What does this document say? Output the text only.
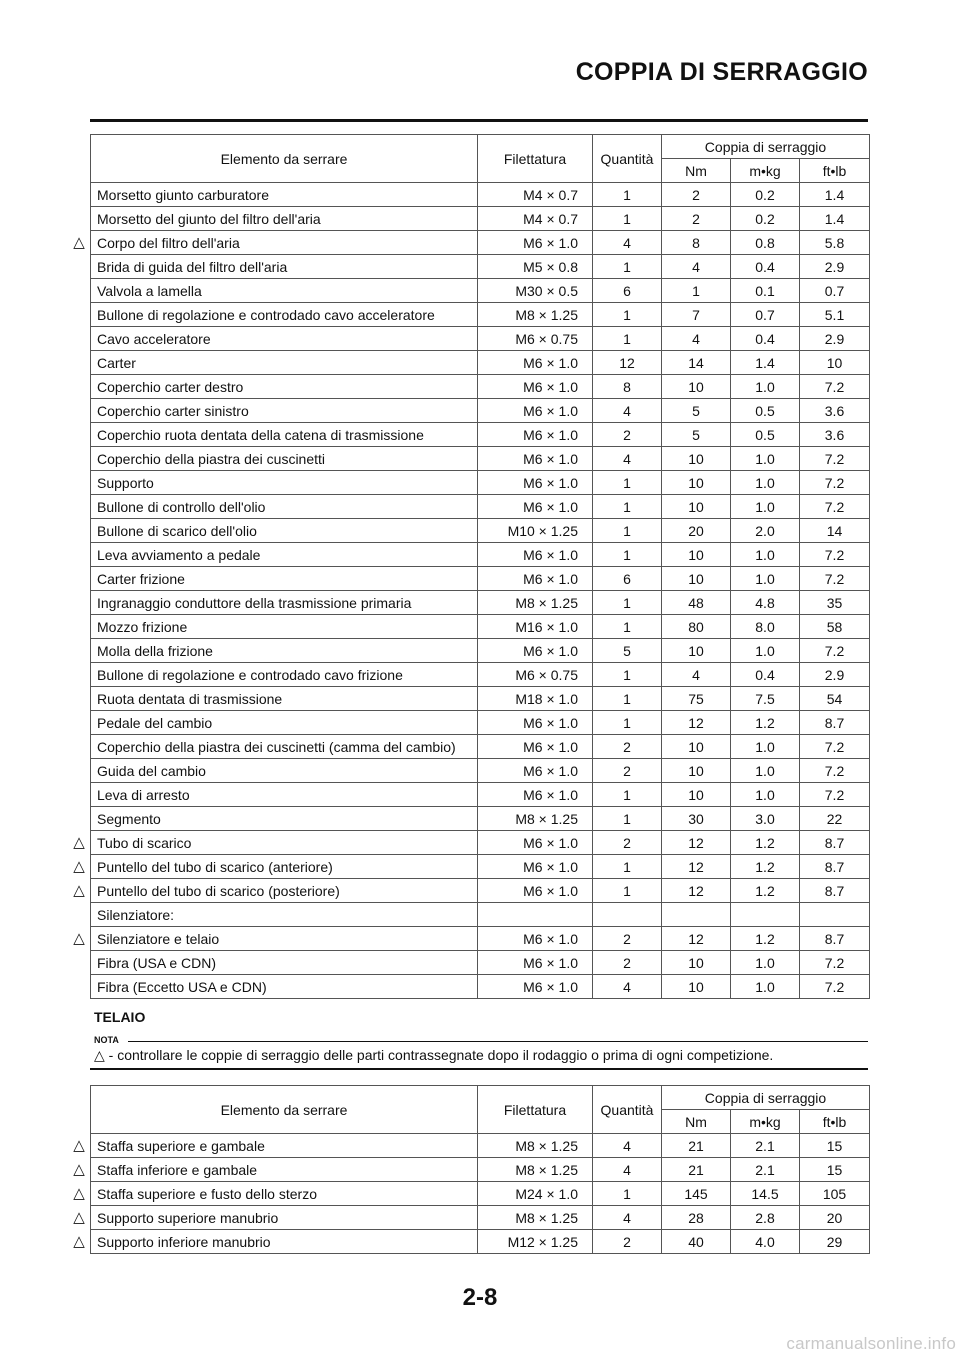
COPPIA DI SERRAGGIO
Elemento da serrare	Filettatura	Quantità	Coppia di serraggio		
			Nm	m•kg	ft•lb
Morsetto giunto carburatore	M4 × 0.7	1	2	0.2	1.4
Morsetto del giunto del filtro dell'aria	M4 × 0.7	1	2	0.2	1.4
Corpo del filtro dell'aria	M6 × 1.0	4	8	0.8	5.8
Brida di guida del filtro dell'aria	M5 × 0.8	1	4	0.4	2.9
Valvola a lamella	M30 × 0.5	6	1	0.1	0.7
Bullone di regolazione e controdado cavo acceleratore	M8 × 1.25	1	7	0.7	5.1
Cavo acceleratore	M6 × 0.75	1	4	0.4	2.9
Carter	M6 × 1.0	12	14	1.4	10
Coperchio carter destro	M6 × 1.0	8	10	1.0	7.2
Coperchio carter sinistro	M6 × 1.0	4	5	0.5	3.6
Coperchio ruota dentata della catena di trasmissione	M6 × 1.0	2	5	0.5	3.6
Coperchio della piastra dei cuscinetti	M6 × 1.0	4	10	1.0	7.2
Supporto	M6 × 1.0	1	10	1.0	7.2
Bullone di controllo dell'olio	M6 × 1.0	1	10	1.0	7.2
Bullone di scarico dell'olio	M10 × 1.25	1	20	2.0	14
Leva avviamento a pedale	M6 × 1.0	1	10	1.0	7.2
Carter frizione	M6 × 1.0	6	10	1.0	7.2
Ingranaggio conduttore della trasmissione primaria	M8 × 1.25	1	48	4.8	35
Mozzo frizione	M16 × 1.0	1	80	8.0	58
Molla della frizione	M6 × 1.0	5	10	1.0	7.2
Bullone di regolazione e controdado cavo frizione	M6 × 0.75	1	4	0.4	2.9
Ruota dentata di trasmissione	M18 × 1.0	1	75	7.5	54
Pedale del cambio	M6 × 1.0	1	12	1.2	8.7
Coperchio della piastra dei cuscinetti (camma del cambio)	M6 × 1.0	2	10	1.0	7.2
Guida del cambio	M6 × 1.0	2	10	1.0	7.2
Leva di arresto	M6 × 1.0	1	10	1.0	7.2
Segmento	M8 × 1.25	1	30	3.0	22
Tubo di scarico	M6 × 1.0	2	12	1.2	8.7
Puntello del tubo di scarico (anteriore)	M6 × 1.0	1	12	1.2	8.7
Puntello del tubo di scarico (posteriore)	M6 × 1.0	1	12	1.2	8.7
Silenziatore:					
Silenziatore e telaio	M6 × 1.0	2	12	1.2	8.7
Fibra (USA e CDN)	M6 × 1.0	2	10	1.0	7.2
Fibra (Eccetto USA e CDN)	M6 × 1.0	4	10	1.0	7.2
TELAIO
NOTA
△ - controllare le coppie di serraggio delle parti contrassegnate dopo il rodaggio o prima di ogni competizione.
Elemento da serrare	Filettatura	Quantità	Coppia di serraggio		
			Nm	m•kg	ft•lb
Staffa superiore e gambale	M8 × 1.25	4	21	2.1	15
Staffa inferiore e gambale	M8 × 1.25	4	21	2.1	15
Staffa superiore e fusto dello sterzo	M24 × 1.0	1	145	14.5	105
Supporto superiore manubrio	M8 × 1.25	4	28	2.8	20
Supporto inferiore manubrio	M12 × 1.25	2	40	4.0	29
2-8
carmanualsonline.info
△
△
△
△
△
△
△
△
△
△
